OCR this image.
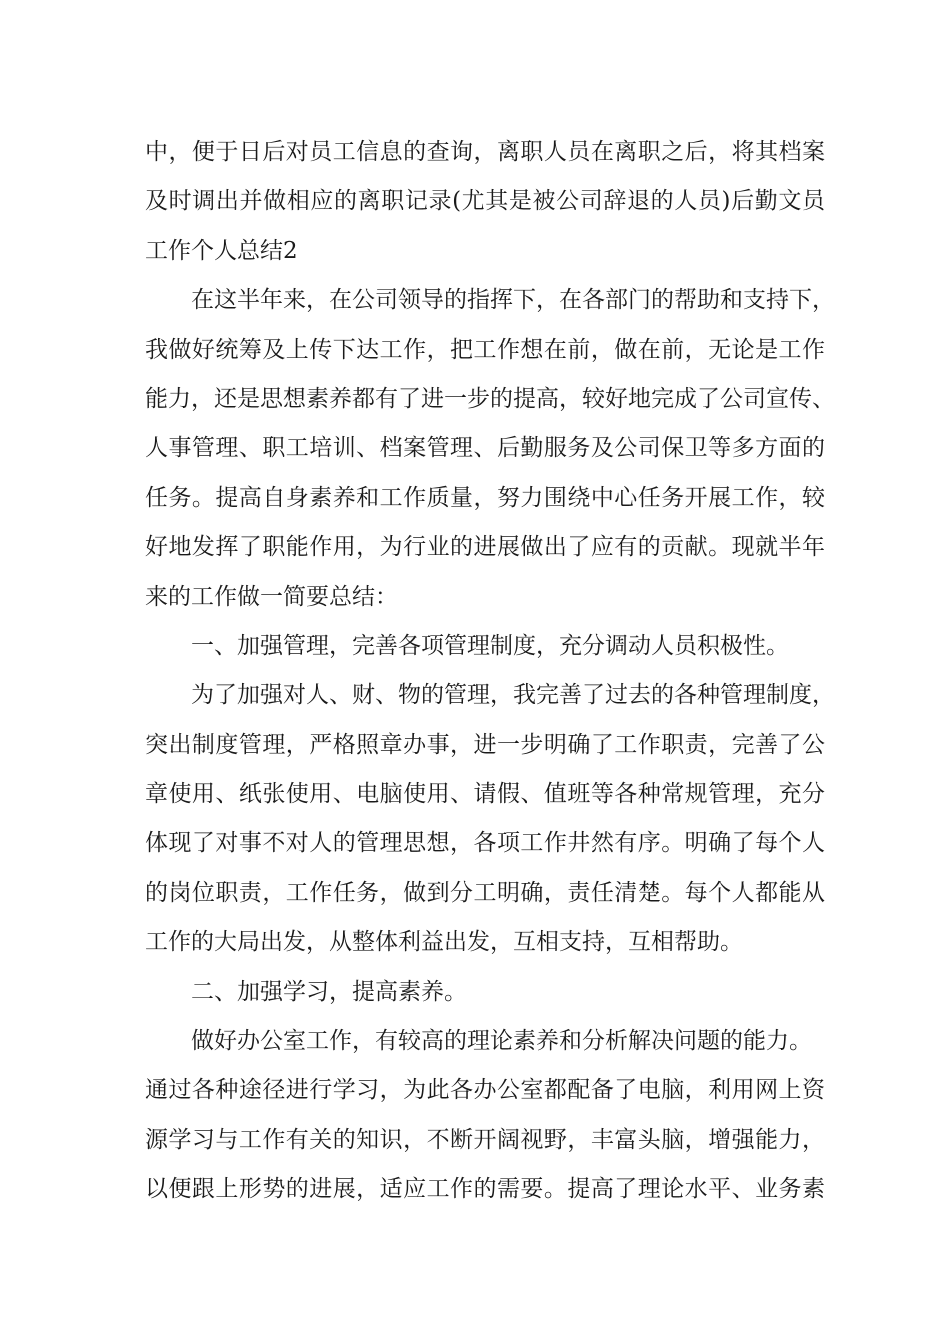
中，便于日后对员工信息的查询，离职人员在离职之后，将其档案
及时调出并做相应的离职记录(尤其是被公司辞退的人员)后勤文员
工作个人总结2
在这半年来，在公司领导的指挥下，在各部门的帮助和支持下，
我做好统筹及上传下达工作，把工作想在前，做在前，无论是工作
能力，还是思想素养都有了进一步的提高，较好地完成了公司宣传、
人事管理、职工培训、档案管理、后勤服务及公司保卫等多方面的
任务。提高自身素养和工作质量，努力围绕中心任务开展工作，较
好地发挥了职能作用，为行业的进展做出了应有的贡献。现就半年
来的工作做一简要总结：
一、加强管理，完善各项管理制度，充分调动人员积极性。
为了加强对人、财、物的管理，我完善了过去的各种管理制度，
突出制度管理，严格照章办事，进一步明确了工作职责，完善了公
章使用、纸张使用、电脑使用、请假、值班等各种常规管理，充分
体现了对事不对人的管理思想，各项工作井然有序。明确了每个人
的岗位职责，工作任务，做到分工明确，责任清楚。每个人都能从
工作的大局出发，从整体利益出发，互相支持，互相帮助。
二、加强学习，提高素养。
做好办公室工作，有较高的理论素养和分析解决问题的能力。
通过各种途径进行学习，为此各办公室都配备了电脑，利用网上资
源学习与工作有关的知识，不断开阔视野，丰富头脑，增强能力，
以便跟上形势的进展，适应工作的需要。提高了理论水平、业务素
